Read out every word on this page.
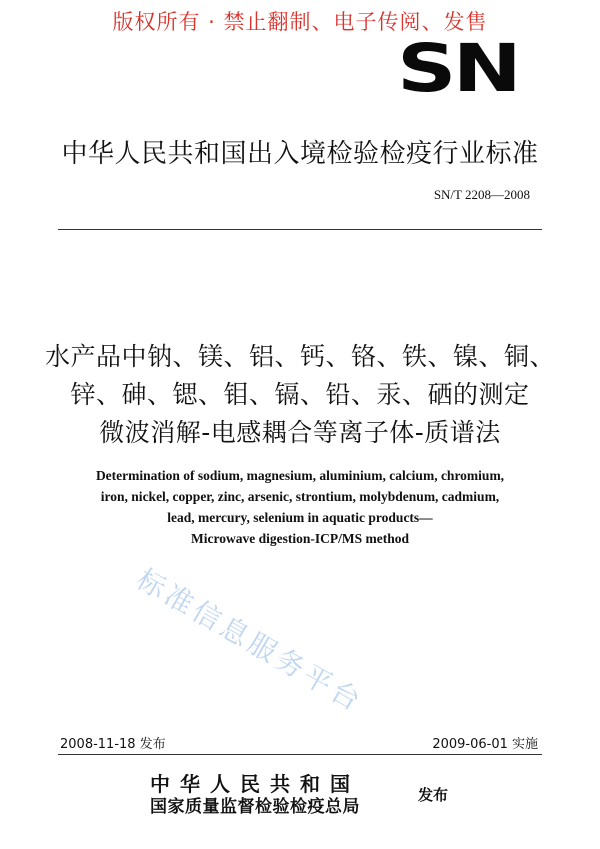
版权所有 · 禁止翻制、电子传阅、发售
SN
中华人民共和国出入境检验检疫行业标准
SN/T 2208—2008
水产品中钠、镁、铝、钙、铬、铁、镍、铜、
锌、砷、锶、钼、镉、铅、汞、硒的测定
微波消解-电感耦合等离子体-质谱法
Determination of sodium, magnesium, aluminium, calcium, chromium,
iron, nickel, copper, zinc, arsenic, strontium, molybdenum, cadmium,
lead, mercury, selenium in aquatic products—
Microwave digestion-ICP/MS method
标准信息服务平台
2008-11-18 发布	2009-06-01 实施
中华人民共和国
国家质量监督检验检疫总局
发布
